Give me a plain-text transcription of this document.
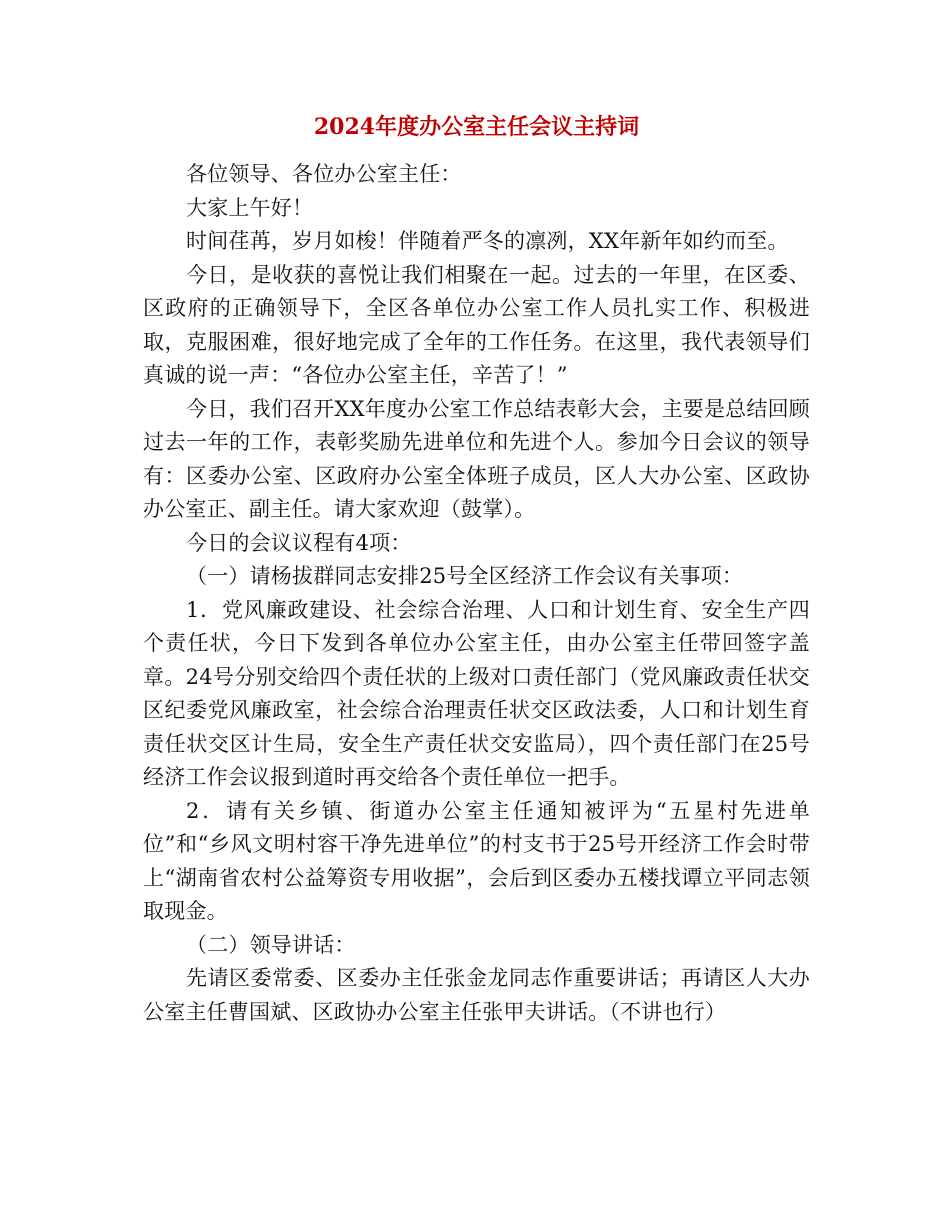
2024年度办公室主任会议主持词

各位领导、各位办公室主任：

大家上午好！

时间荏苒，岁月如梭！伴随着严冬的凛冽，XX年新年如约而至。

今日，是收获的喜悦让我们相聚在一起。过去的一年里，在区委、区政府的正确领导下，全区各单位办公室工作人员扎实工作、积极进取，克服困难，很好地完成了全年的工作任务。在这里，我代表领导们真诚的说一声：“各位办公室主任，辛苦了！”

今日，我们召开XX年度办公室工作总结表彰大会，主要是总结回顾过去一年的工作，表彰奖励先进单位和先进个人。参加今日会议的领导有：区委办公室、区政府办公室全体班子成员，区人大办公室、区政协办公室正、副主任。请大家欢迎（鼓掌）。

今日的会议议程有4项：

（一）请杨拔群同志安排25号全区经济工作会议有关事项：

1．党风廉政建设、社会综合治理、人口和计划生育、安全生产四个责任状，今日下发到各单位办公室主任，由办公室主任带回签字盖章。24号分别交给四个责任状的上级对口责任部门（党风廉政责任状交区纪委党风廉政室，社会综合治理责任状交区政法委，人口和计划生育责任状交区计生局，安全生产责任状交安监局），四个责任部门在25号经济工作会议报到道时再交给各个责任单位一把手。

2．请有关乡镇、街道办公室主任通知被评为“五星村先进单位”和“乡风文明村容干净先进单位”的村支书于25号开经济工作会时带上“湖南省农村公益筹资专用收据”，会后到区委办五楼找谭立平同志领取现金。

（二）领导讲话：

先请区委常委、区委办主任张金龙同志作重要讲话；再请区人大办公室主任曹国斌、区政协办公室主任张甲夫讲话。（不讲也行）
